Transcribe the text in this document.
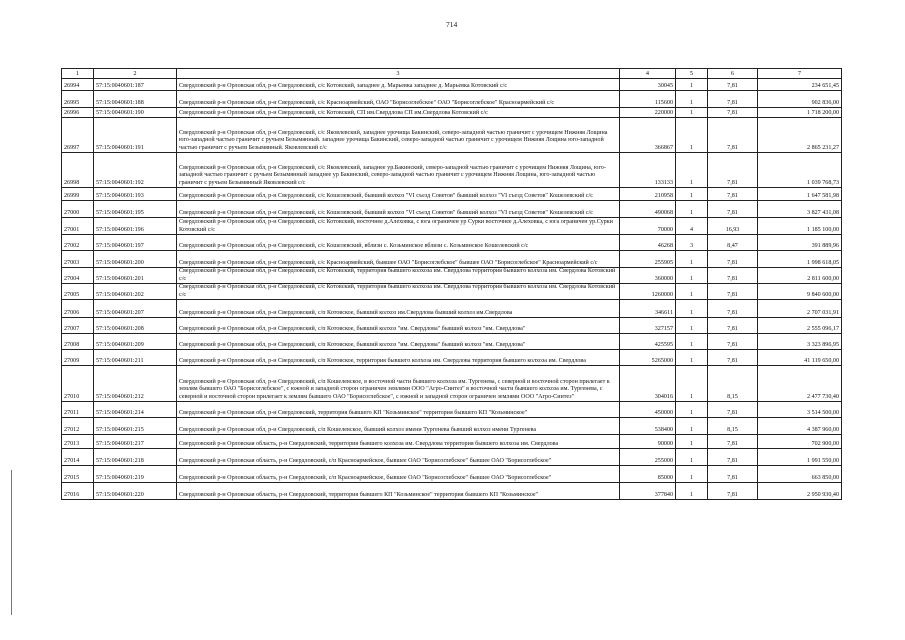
714
1	2	3	4	5	6	7
26994	57:15:0040601:187	Свердловский р-н Орловская обл, р-н Свердловский, с/с Котовский, западнее д. Марьевка западнее д. Марьевка Котовский с/с	30045	1	7,81	234 651,45
26995	57:15:0040601:188	Свердловский р-н Орловская обл, р-н Свердловский, с/с Красноармейский, ОАО "Борисоглебское" ОАО "Борисоглебское" Красноармейский с/с	115600	1	7,81	902 836,00
26996	57:15:0040601:190	Свердловский р-н Орловская обл, р-н Свердловский, с/с Котовский, СП им.Свердлова СП им.Свердлова Котовский с/с	220000	1	7,81	1 718 200,00
26997	57:15:0040601:191	Свердловский р-н Орловская обл, р-н Свердловский, с/с Яковлевский, западнее урочища Бакинский, северо-западной частью граничит с урочищем Нижняя Лощина юго-западной частью граничит с ручьем Безымянный. западнее урочища Бакинский, северо-западной частью граничит с урочищем Нижняя Лощина юго-западной частью граничит с ручьем Безымянный. Яковлевский с/с	366867	1	7,81	2 865 231,27
26998	57:15:0040601:192	Свердловский р-н Орловская обл, р-н Свердловский, с/с Яковлевский, западнее ур.Бакинский, северо-западной частью граничит с урочищем Нижняя Лощина, юго-западной частью граничит с ручьем Безымянный западнее ур Бакинский, северо-западной частью граничит с урочищем Нижняя Лощина, юго-западной частью граничит с ручьем Безымянный Яковлевский с/с	133133	1	7,81	1 039 768,73
26999	57:15:0040601:193	Свердловский р-н Орловская обл, р-н Свердловский, с/с Кошелевский, бывший колхоз "VI съезд Советов" бывший колхоз "VI съезд Советов" Кошелевский с/с	210958	1	7,81	1 647 581,98
27000	57:15:0040601:195	Свердловский р-н Орловская обл, р-н Свердловский, с/с Кошелевский, бывший колхоз "VI съезд Советов" бывший колхоз "VI съезд Советов" Кошелевский с/с	490068	1	7,81	3 827 431,08
27001	57:15:0040601:196	Свердловский р-н Орловская обл, р-н Свердловский, с/с Котовский, восточнее д.Алеховка, с юга ограничен ур Сурки восточнее д.Алеховка, с юга ограничен ур.Сурки Котовский с/с	70000	4	16,93	1 185 100,00
27002	57:15:0040601:197	Свердловский р-н Орловская обл, р-н Свердловский, с/с Кошелевский, вблизи с. Козьминское вблизи с. Козьминское Кошелевский с/с	46268	3	8,47	391 889,96
27003	57:15:0040601:200	Свердловский р-н Орловская обл, р-н Свердловский, с/с Красноармейский, бывшее ОАО "Борисоглебское" бывшее ОАО "Борисоглебское" Красноармейский с/с	255905	1	7,81	1 998 618,05
27004	57:15:0040601:201	Свердловский р-н Орловская обл, р-н Свердловский, с/с Котовский, территория бывшего колхоза им. Свердлова территория бывшего колхоза им. Свердлова Котовский с/с	360000	1	7,81	2 811 600,00
27005	57:15:0040601:202	Свердловский р-н Орловская обл, р-н Свердловский, с/с Котовский, территория бывшего колхоза им. Свердлова территория бывшего колхоза им. Свердлова Котовский с/с	1260000	1	7,81	9 840 600,00
27006	57:15:0040601:207	Свердловский р-н Орловская обл, р-н Свердловский, с/п Котовское, бывший колхоз им.Свердлова бывший колхоз им.Свердлова	346611	1	7,81	2 707 031,91
27007	57:15:0040601:208	Свердловский р-н Орловская обл, р-н Свердловский, с/п Котовское, бывший колхоз "им. Свердлова" бывший колхоз "им. Свердлова"	327157	1	7,81	2 555 096,17
27008	57:15:0040601:209	Свердловский р-н Орловская обл, р-н Свердловский, с/п Котовское, бывший колхоз "им. Свердлова" бывший колхоз "им. Свердлова"	425595	1	7,81	3 323 896,95
27009	57:15:0040601:211	Свердловский р-н Орловская обл, р-н Свердловский, с/п Котовское, территория бывшего колхоза им. Свердлова территория бывшего колхоза им. Свердлова	5265000	1	7,81	41 119 650,00
27010	57:15:0040601:212	Свердловский р-н Орловская обл, р-н Свердловский, с/п Кошелевское, в восточной части бывшего колхоза им. Тургенева, с северной и восточной сторон прилегает к землям бывшего ОАО "Борисоглебское", с южной и западной сторон ограничен землями ООО "Агро-Синтез" в восточной части бывшего колхоза им. Тургенева, с северной и восточной сторон прилегает к землям бывшего ОАО "Борисоглебское", с южной и западной сторон ограничен землями ООО "Агро-Синтез"	304016	1	8,15	2 477 730,40
27011	57:15:0040601:214	Свердловский р-н Орловская обл, р-н Свердловский, территория бывшего КП "Козьминское" территория бывшего КП "Козьминское"	450000	1	7,81	3 514 500,00
27012	57:15:0040601:215	Свердловский р-н Орловская обл, р-н Свердловский, с/п Кошелевское, бывший колхоз имени Тургенева бывший колхоз имени Тургенева	538400	1	8,15	4 387 960,00
27013	57:15:0040601:217	Свердловский р-н Орловская область, р-н Свердловский, территория бывшего колхоза им. Свердлова территория бывшего колхоза им. Свердлова	90000	1	7,81	702 900,00
27014	57:15:0040601:218	Свердловский р-н Орловская область, р-н Свердловский, с/п Красноармейское, бывшее ОАО "Борисоглебское" бывшее ОАО "Борисоглебское"	255000	1	7,81	1 991 550,00
27015	57:15:0040601:219	Свердловский р-н Орловская область, р-н Свердловский, с/п Красноармейское, бывшее ОАО "Борисоглебское" бывшее ОАО "Борисоглебское"	85000	1	7,81	663 850,00
27016	57:15:0040601:220	Свердловский р-н Орловская область, р-н Свердловский, территория бывшего КП "Козьминское" территория бывшего КП "Козьминское"	377840	1	7,81	2 950 930,40
